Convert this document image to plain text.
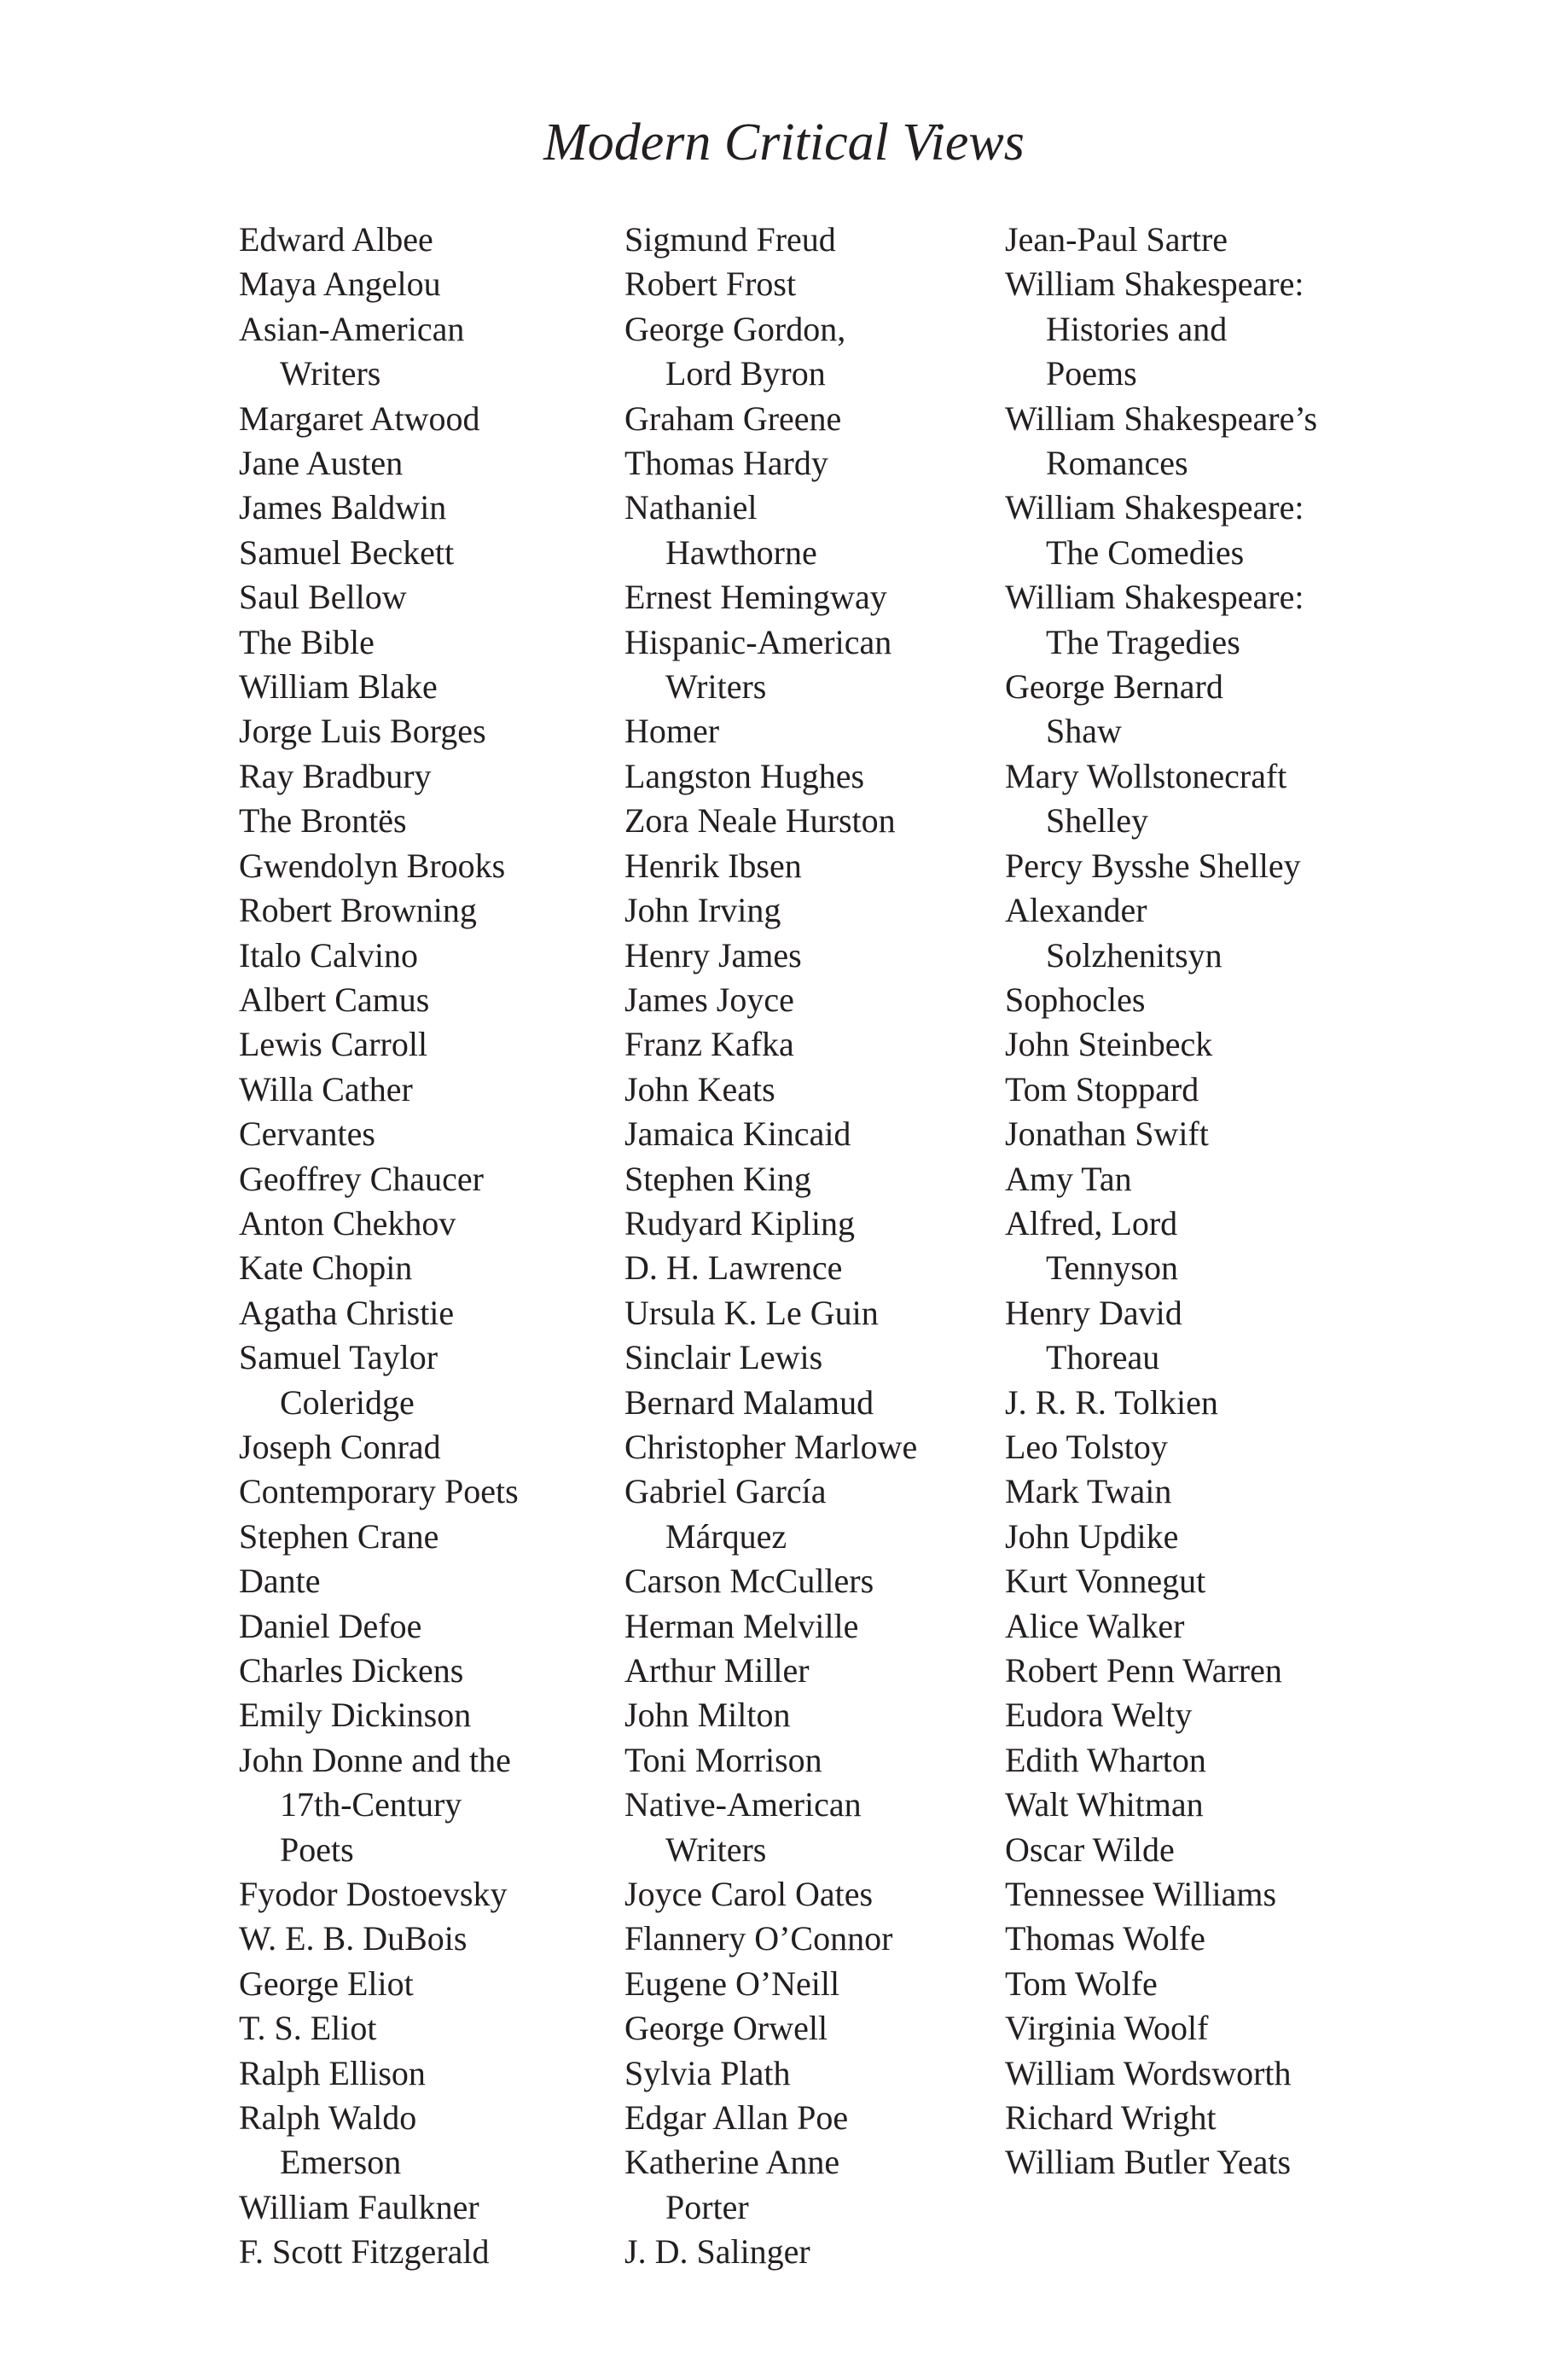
Modern Critical Views
Edward Albee
Maya Angelou
Asian-American
Writers
Margaret Atwood
Jane Austen
James Baldwin
Samuel Beckett
Saul Bellow
The Bible
William Blake
Jorge Luis Borges
Ray Bradbury
The Brontës
Gwendolyn Brooks
Robert Browning
Italo Calvino
Albert Camus
Lewis Carroll
Willa Cather
Cervantes
Geoffrey Chaucer
Anton Chekhov
Kate Chopin
Agatha Christie
Samuel Taylor
Coleridge
Joseph Conrad
Contemporary Poets
Stephen Crane
Dante
Daniel Defoe
Charles Dickens
Emily Dickinson
John Donne and the
17th-Century
Poets
Fyodor Dostoevsky
W. E. B. DuBois
George Eliot
T. S. Eliot
Ralph Ellison
Ralph Waldo
Emerson
William Faulkner
F. Scott Fitzgerald
Sigmund Freud
Robert Frost
George Gordon,
Lord Byron
Graham Greene
Thomas Hardy
Nathaniel
Hawthorne
Ernest Hemingway
Hispanic-American
Writers
Homer
Langston Hughes
Zora Neale Hurston
Henrik Ibsen
John Irving
Henry James
James Joyce
Franz Kafka
John Keats
Jamaica Kincaid
Stephen King
Rudyard Kipling
D. H. Lawrence
Ursula K. Le Guin
Sinclair Lewis
Bernard Malamud
Christopher Marlowe
Gabriel García
Márquez
Carson McCullers
Herman Melville
Arthur Miller
John Milton
Toni Morrison
Native-American
Writers
Joyce Carol Oates
Flannery O’Connor
Eugene O’Neill
George Orwell
Sylvia Plath
Edgar Allan Poe
Katherine Anne
Porter
J. D. Salinger
Jean-Paul Sartre
William Shakespeare:
Histories and
Poems
William Shakespeare’s
Romances
William Shakespeare:
The Comedies
William Shakespeare:
The Tragedies
George Bernard
Shaw
Mary Wollstonecraft
Shelley
Percy Bysshe Shelley
Alexander
Solzhenitsyn
Sophocles
John Steinbeck
Tom Stoppard
Jonathan Swift
Amy Tan
Alfred, Lord
Tennyson
Henry David
Thoreau
J. R. R. Tolkien
Leo Tolstoy
Mark Twain
John Updike
Kurt Vonnegut
Alice Walker
Robert Penn Warren
Eudora Welty
Edith Wharton
Walt Whitman
Oscar Wilde
Tennessee Williams
Thomas Wolfe
Tom Wolfe
Virginia Woolf
William Wordsworth
Richard Wright
William Butler Yeats
